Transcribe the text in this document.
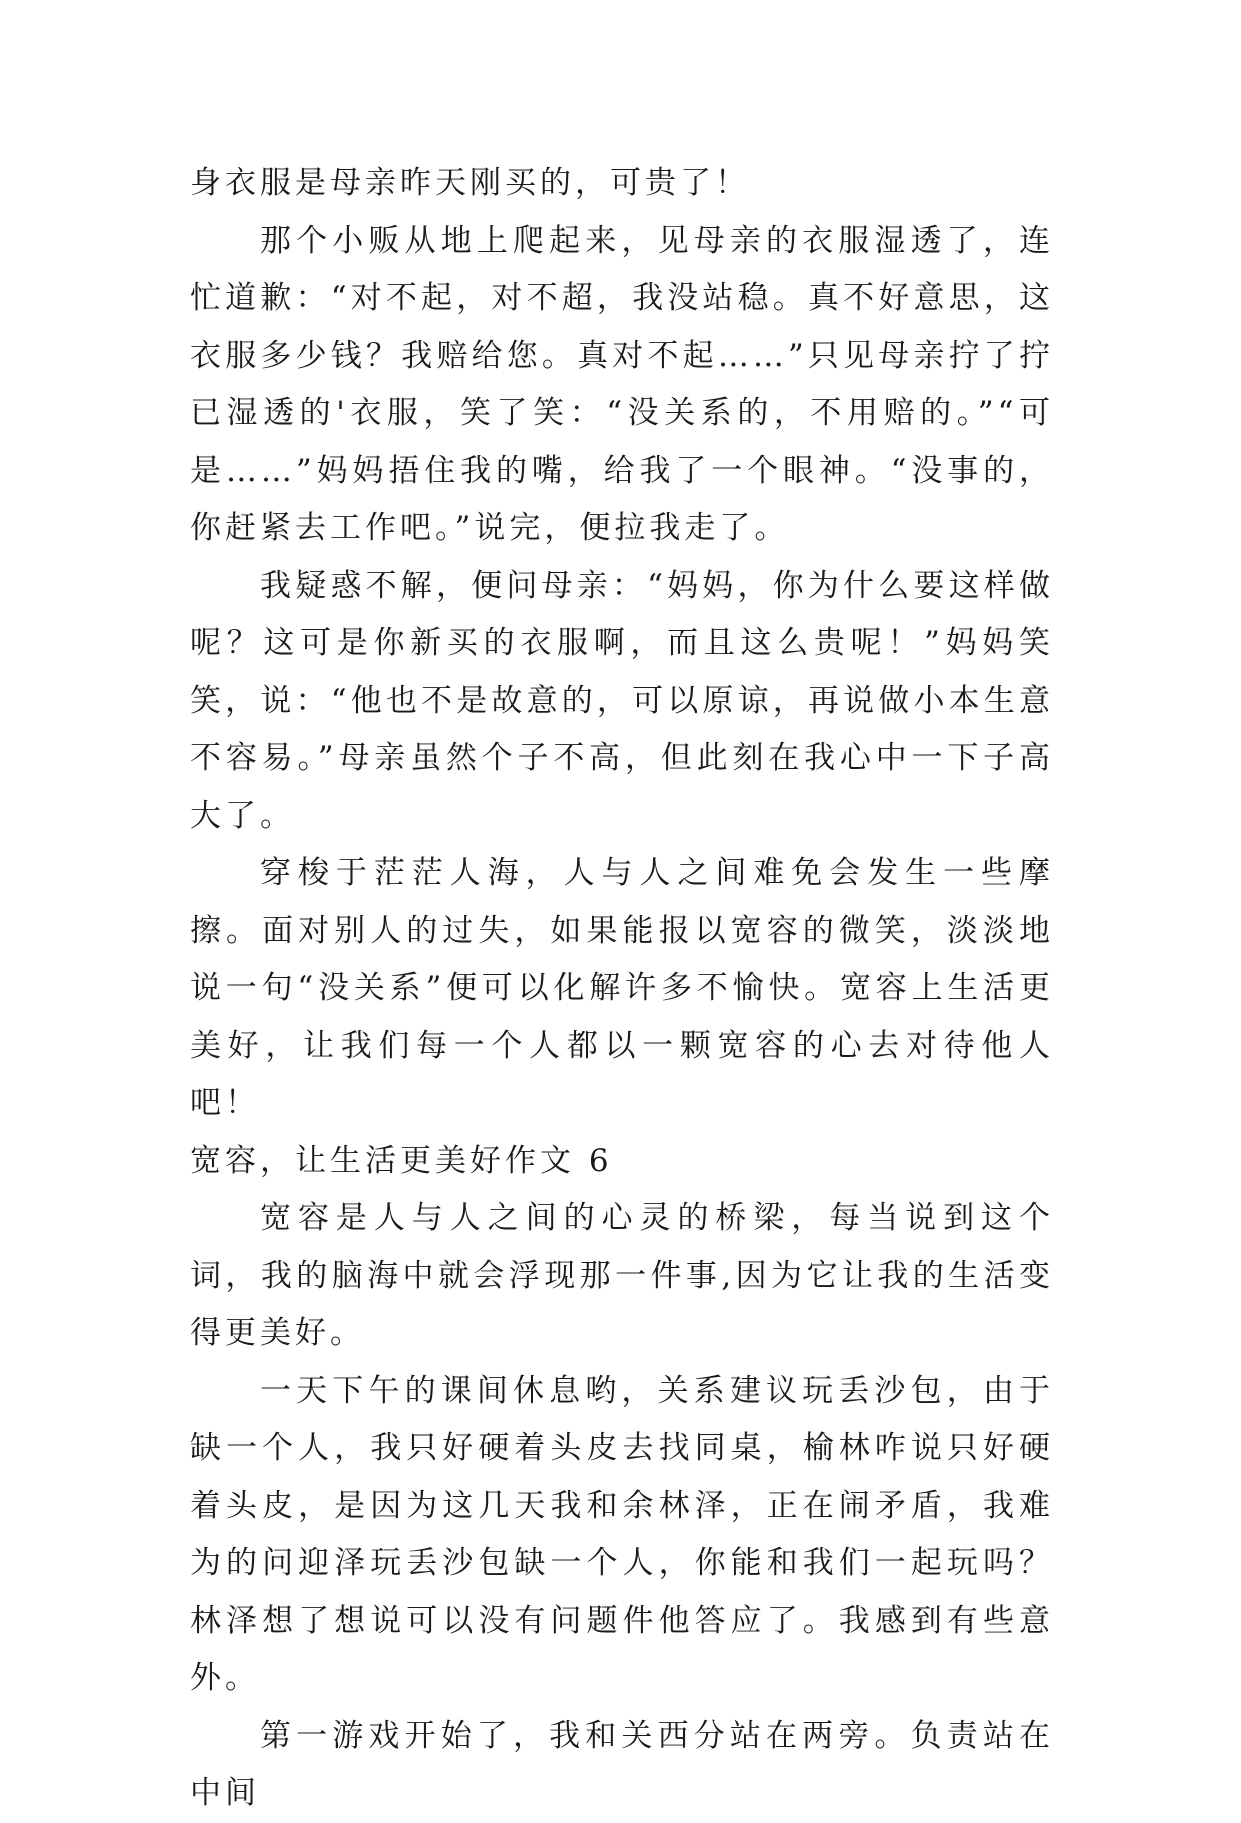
身衣服是母亲昨天刚买的，可贵了！

那个小贩从地上爬起来，见母亲的衣服湿透了，连忙道歉：“对不起，对不超，我没站稳。真不好意思，这衣服多少钱？我赔给您。真对不起……”只见母亲拧了拧已湿透的'衣服，笑了笑：“没关系的，不用赔的。”“可是……”妈妈捂住我的嘴，给我了一个眼神。“没事的，你赶紧去工作吧。”说完，便拉我走了。

我疑惑不解，便问母亲：“妈妈，你为什么要这样做呢？这可是你新买的衣服啊，而且这么贵呢！”妈妈笑笑，说：“他也不是故意的，可以原谅，再说做小本生意不容易。”母亲虽然个子不高，但此刻在我心中一下子高大了。

穿梭于茫茫人海，人与人之间难免会发生一些摩擦。面对别人的过失，如果能报以宽容的微笑，淡淡地说一句“没关系”便可以化解许多不愉快。宽容上生活更美好，让我们每一个人都以一颗宽容的心去对待他人吧！

宽容，让生活更美好作文 6

宽容是人与人之间的心灵的桥梁，每当说到这个词，我的脑海中就会浮现那一件事,因为它让我的生活变得更美好。

一天下午的课间休息哟，关系建议玩丢沙包，由于缺一个人，我只好硬着头皮去找同桌，榆林咋说只好硬着头皮，是因为这几天我和余林泽，正在闹矛盾，我难为的问迎泽玩丢沙包缺一个人，你能和我们一起玩吗？林泽想了想说可以没有问题件他答应了。我感到有些意外。

第一游戏开始了，我和关西分站在两旁。负责站在中间
